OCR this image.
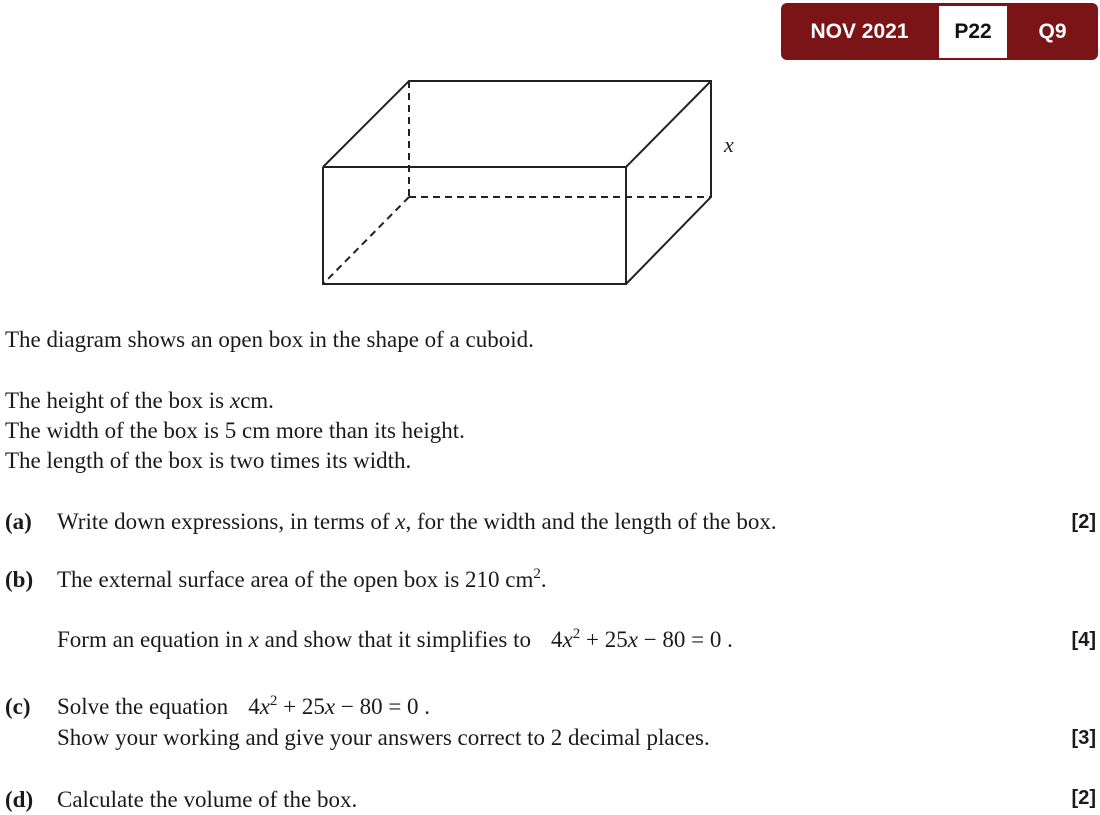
NOV 2021	P22	Q9
x
The diagram shows an open box in the shape of a cuboid.
The height of the box is xcm.
The width of the box is 5 cm more than its height.
The length of the box is two times its width.
(a) Write down expressions, in terms of x, for the width and the length of the box.	[2]
(b) The external surface area of the open box is 210 $cm^2$.
Form an equation in x and show that it simplifies to $4x^2 + 25x - 80 = 0$ .	[4]
(c) Solve the equation $4x^2 + 25x - 80 = 0$ .
Show your working and give your answers correct to 2 decimal places.	[3]
(d) Calculate the volume of the box.	[2]
